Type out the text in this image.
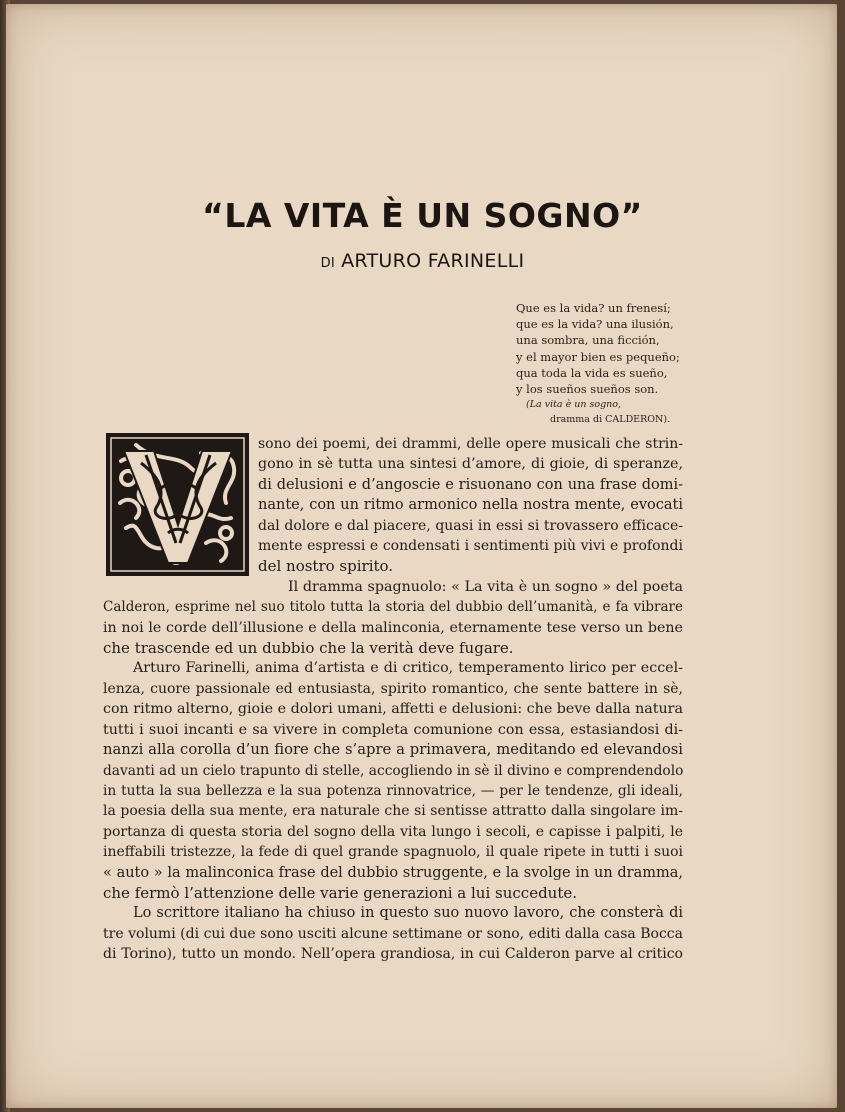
“LA VITA È UN SOGNO”
DI ARTURO FARINELLI
Que es la vida? un frenesí;
que es la vida? una ilusión,
una sombra, una ficción,
y el mayor bien es pequeño;
qua toda la vida es sueño,
y los sueños sueños son.
(La vita è un sogno,
dramma di CALDERON).
sono dei poemi, dei drammi, delle opere musicali che strin-
gono in sè tutta una sintesi d’amore, di gioie, di speranze,
di delusioni e d’angoscie e risuonano con una frase domi-
nante, con un ritmo armonico nella nostra mente, evocati
dal dolore e dal piacere, quasi in essi si trovassero efficace-
mente espressi e condensati i sentimenti più vivi e profondi
del nostro spirito.
Il dramma spagnuolo: « La vita è un sogno » del poeta
Calderon, esprime nel suo titolo tutta la storia del dubbio dell’umanità, e fa vibrare
in noi le corde dell’illusione e della malinconia, eternamente tese verso un bene
che trascende ed un dubbio che la verità deve fugare.
Arturo Farinelli, anima d’artista e di critico, temperamento lirico per eccel-
lenza, cuore passionale ed entusiasta, spirito romantico, che sente battere in sè,
con ritmo alterno, gioie e dolori umani, affetti e delusioni: che beve dalla natura
tutti i suoi incanti e sa vivere in completa comunione con essa, estasiandosi di-
nanzi alla corolla d’un fiore che s’apre a primavera, meditando ed elevandosi
davanti ad un cielo trapunto di stelle, accogliendo in sè il divino e comprendendolo
in tutta la sua bellezza e la sua potenza rinnovatrice, — per le tendenze, gli ideali,
la poesia della sua mente, era naturale che si sentisse attratto dalla singolare im-
portanza di questa storia del sogno della vita lungo i secoli, e capisse i palpiti, le
ineffabili tristezze, la fede di quel grande spagnuolo, il quale ripete in tutti i suoi
« auto » la malinconica frase del dubbio struggente, e la svolge in un dramma,
che fermò l’attenzione delle varie generazioni a lui succedute.
Lo scrittore italiano ha chiuso in questo suo nuovo lavoro, che consterà di
tre volumi (di cui due sono usciti alcune settimane or sono, editi dalla casa Bocca
di Torino), tutto un mondo. Nell’opera grandiosa, in cui Calderon parve al critico
